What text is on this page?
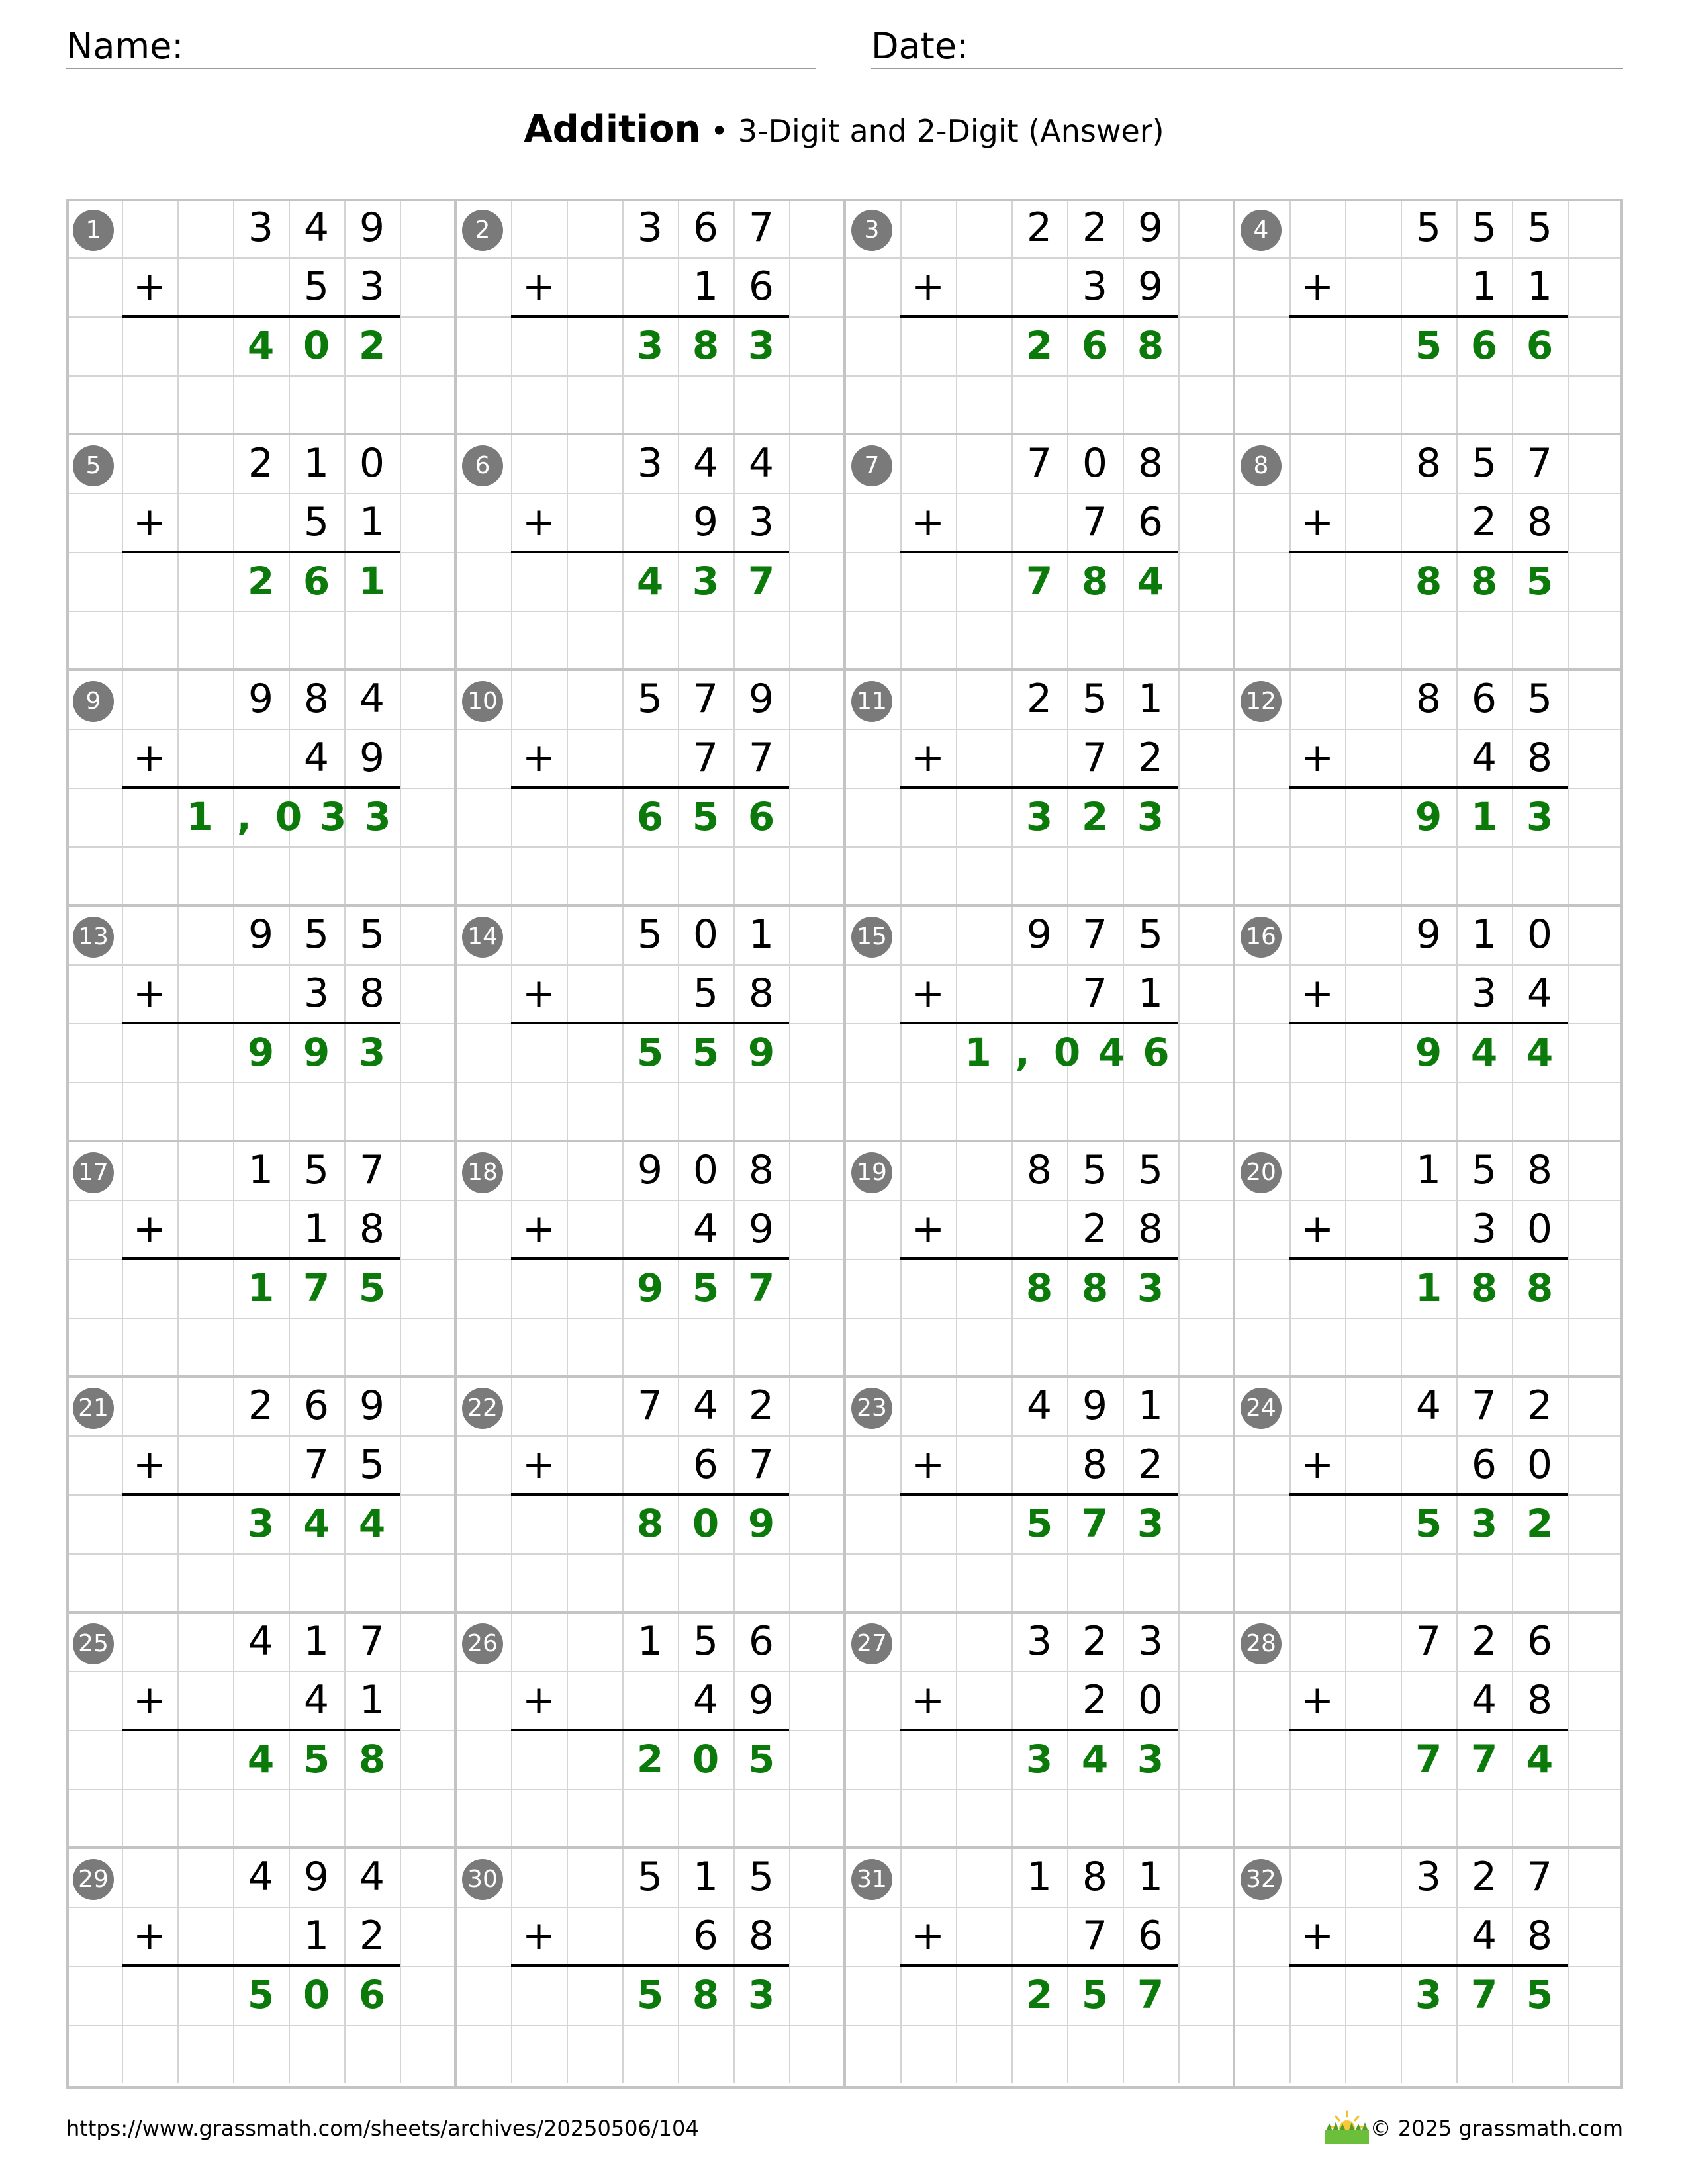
Name:	Date:
Addition • 3-Digit and 2-Digit (Answer)
1	3 4 9
+	5 3
4 0 2
2	3 6 7
+	1 6
3 8 3
3	2 2 9
+	3 9
2 6 8
4	5 5 5
+	1 1
5 6 6
5	2 1 0
+	5 1
2 6 1
6	3 4 4
+	9 3
4 3 7
7	7 0 8
+	7 6
7 8 4
8	8 5 7
+	2 8
8 8 5
9	9 8 4
+	4 9
1 , 0 3 3
10	5 7 9
+	7 7
6 5 6
11	2 5 1
+	7 2
3 2 3
12	8 6 5
+	4 8
9 1 3
13	9 5 5
+	3 8
9 9 3
14	5 0 1
+	5 8
5 5 9
15	9 7 5
+	7 1
1 , 0 4 6
16	9 1 0
+	3 4
9 4 4
17	1 5 7
+	1 8
1 7 5
18	9 0 8
+	4 9
9 5 7
19	8 5 5
+	2 8
8 8 3
20	1 5 8
+	3 0
1 8 8
21	2 6 9
+	7 5
3 4 4
22	7 4 2
+	6 7
8 0 9
23	4 9 1
+	8 2
5 7 3
24	4 7 2
+	6 0
5 3 2
25	4 1 7
+	4 1
4 5 8
26	1 5 6
+	4 9
2 0 5
27	3 2 3
+	2 0
3 4 3
28	7 2 6
+	4 8
7 7 4
29	4 9 4
+	1 2
5 0 6
30	5 1 5
+	6 8
5 8 3
31	1 8 1
+	7 6
2 5 7
32	3 2 7
+	4 8
3 7 5
https://www.grassmath.com/sheets/archives/20250506/104	© 2025 grassmath.com
